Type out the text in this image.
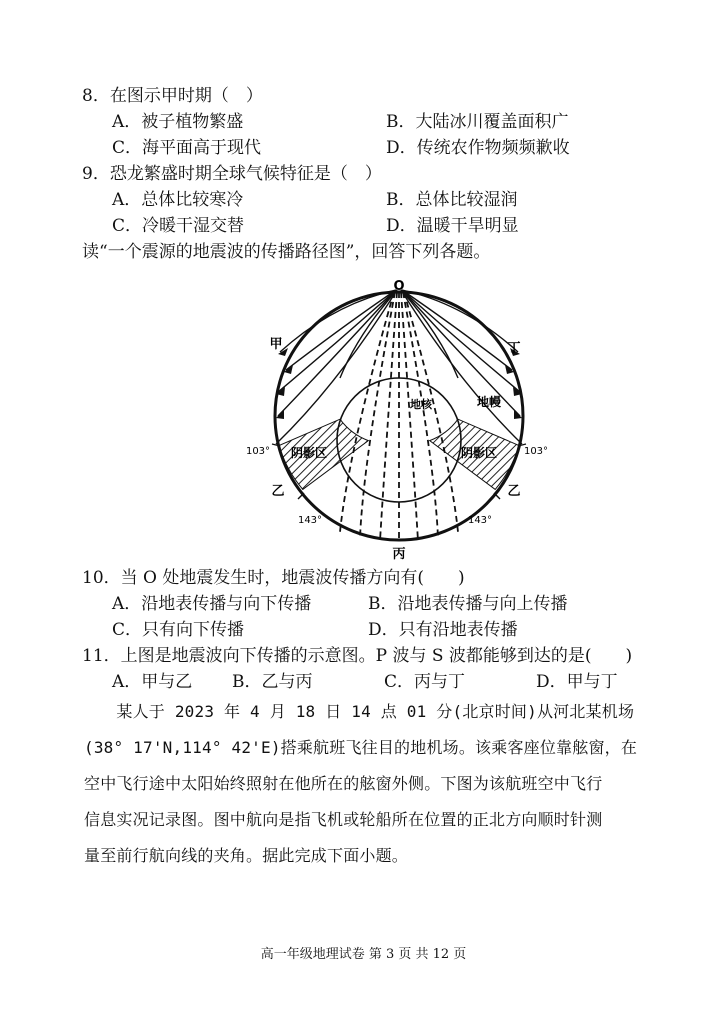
8．在图示甲时期（　）
A．被子植物繁盛	B．大陆冰川覆盖面积广
C．海平面高于现代	D．传统农作物频频歉收
9．恐龙繁盛时期全球气候特征是（　）
A．总体比较寒冷	B．总体比较湿润
C．冷暖干湿交替	D．温暖干旱明显
读“一个震源的地震波的传播路径图”，回答下列各题。
O
甲	丁
地核	地幔
阴影区	阴影区
103°	103°
乙	乙
143°	143°
丙
10．当 O 处地震发生时，地震波传播方向有(　　)
A．沿地表传播与向下传播	B．沿地表传播与向上传播
C．只有向下传播	D．只有沿地表传播
11．上图是地震波向下传播的示意图。P 波与 S 波都能够到达的是(　　)
A．甲与乙 B．乙与丙	C．丙与丁	D．甲与丁
　　某人于 2023 年 4 月 18 日 14 点 01 分(北京时间)从河北某机场
(38° 17'N,114° 42'E)搭乘航班飞往目的地机场。该乘客座位靠舷窗，在
空中飞行途中太阳始终照射在他所在的舷窗外侧。下图为该航班空中飞行
信息实况记录图。图中航向是指飞机或轮船所在位置的正北方向顺时针测
量至前行航向线的夹角。据此完成下面小题。
高一年级地理试卷 第 3 页 共 12 页
